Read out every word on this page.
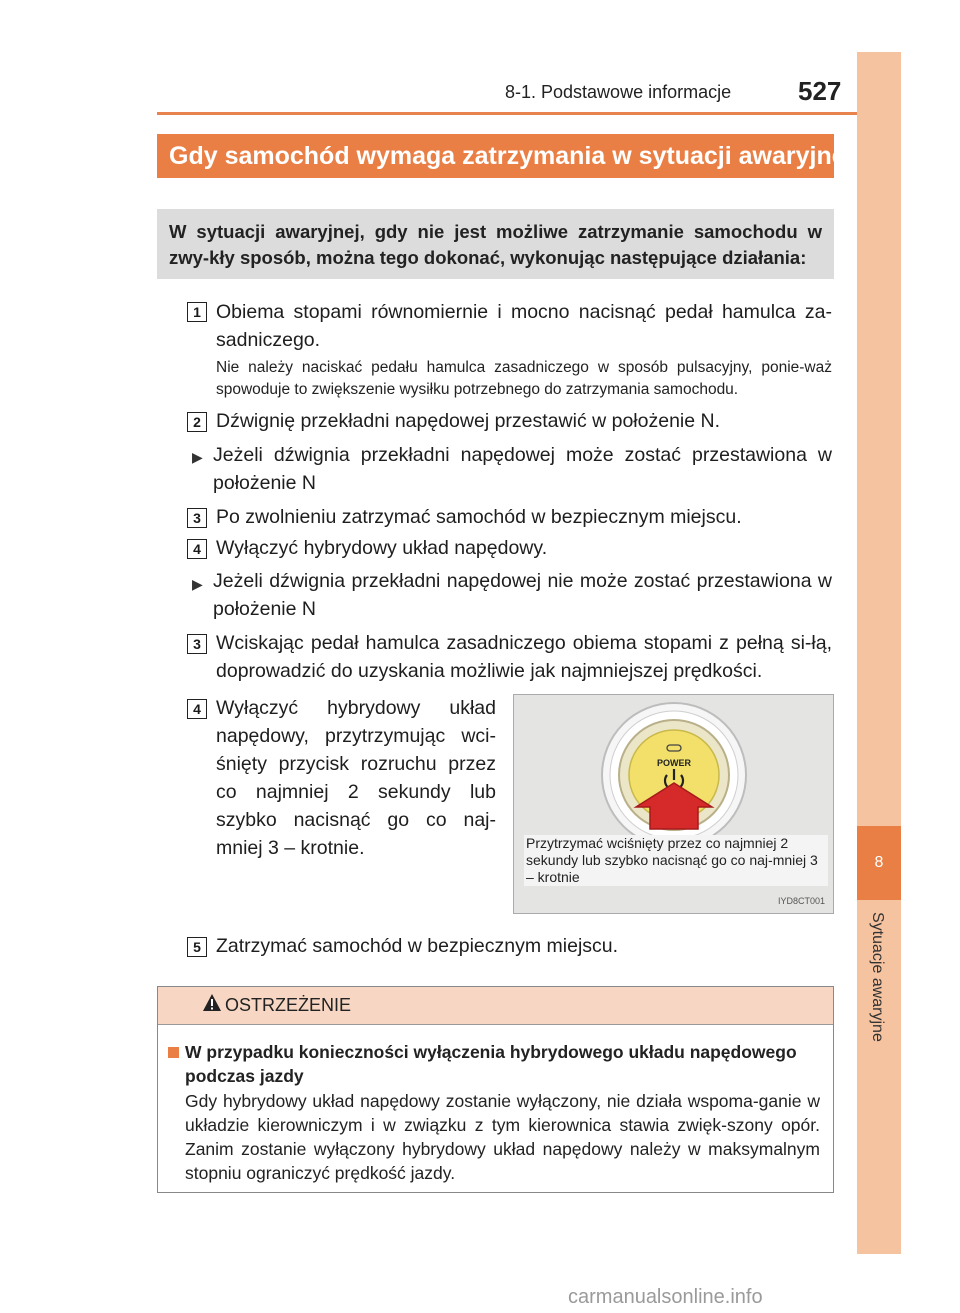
8-1. Podstawowe informacje	527
8
Sytuacje awaryjne
Gdy samochód wymaga zatrzymania w sytuacji awaryjnej
W sytuacji awaryjnej, gdy nie jest możliwe zatrzymanie samochodu w zwy-kły sposób, można tego dokonać, wykonując następujące działania:
1 Obiema stopami równomiernie i mocno nacisnąć pedał hamulca za-sadniczego.
Nie należy naciskać pedału hamulca zasadniczego w sposób pulsacyjny, ponie-waż spowoduje to zwiększenie wysiłku potrzebnego do zatrzymania samochodu.
2 Dźwignię przekładni napędowej przestawić w położenie N.
▶ Jeżeli dźwignia przekładni napędowej może zostać przestawiona w położenie N
3 Po zwolnieniu zatrzymać samochód w bezpiecznym miejscu.
4 Wyłączyć hybrydowy układ napędowy.
▶ Jeżeli dźwignia przekładni napędowej nie może zostać przestawiona w położenie N
3 Wciskając pedał hamulca zasadniczego obiema stopami z pełną si-łą, doprowadzić do uzyskania możliwie jak najmniejszej prędkości.
4 Wyłączyć hybrydowy układ napędowy, przytrzymując wci-śnięty przycisk rozruchu przez co najmniej 2 sekundy lub szybko nacisnąć go co naj-mniej 3 – krotnie.
POWER
Przytrzymać wciśnięty przez co najmniej 2 sekundy lub szybko nacisnąć go co naj-mniej 3 – krotnie
IYD8CT001
5 Zatrzymać samochód w bezpiecznym miejscu.
OSTRZEŻENIE
W przypadku konieczności wyłączenia hybrydowego układu napędowego podczas jazdy
Gdy hybrydowy układ napędowy zostanie wyłączony, nie działa wspoma-ganie w układzie kierowniczym i w związku z tym kierownica stawia zwięk-szony opór. Zanim zostanie wyłączony hybrydowy układ napędowy należy w maksymalnym stopniu ograniczyć prędkość jazdy.
carmanualsonline.info
